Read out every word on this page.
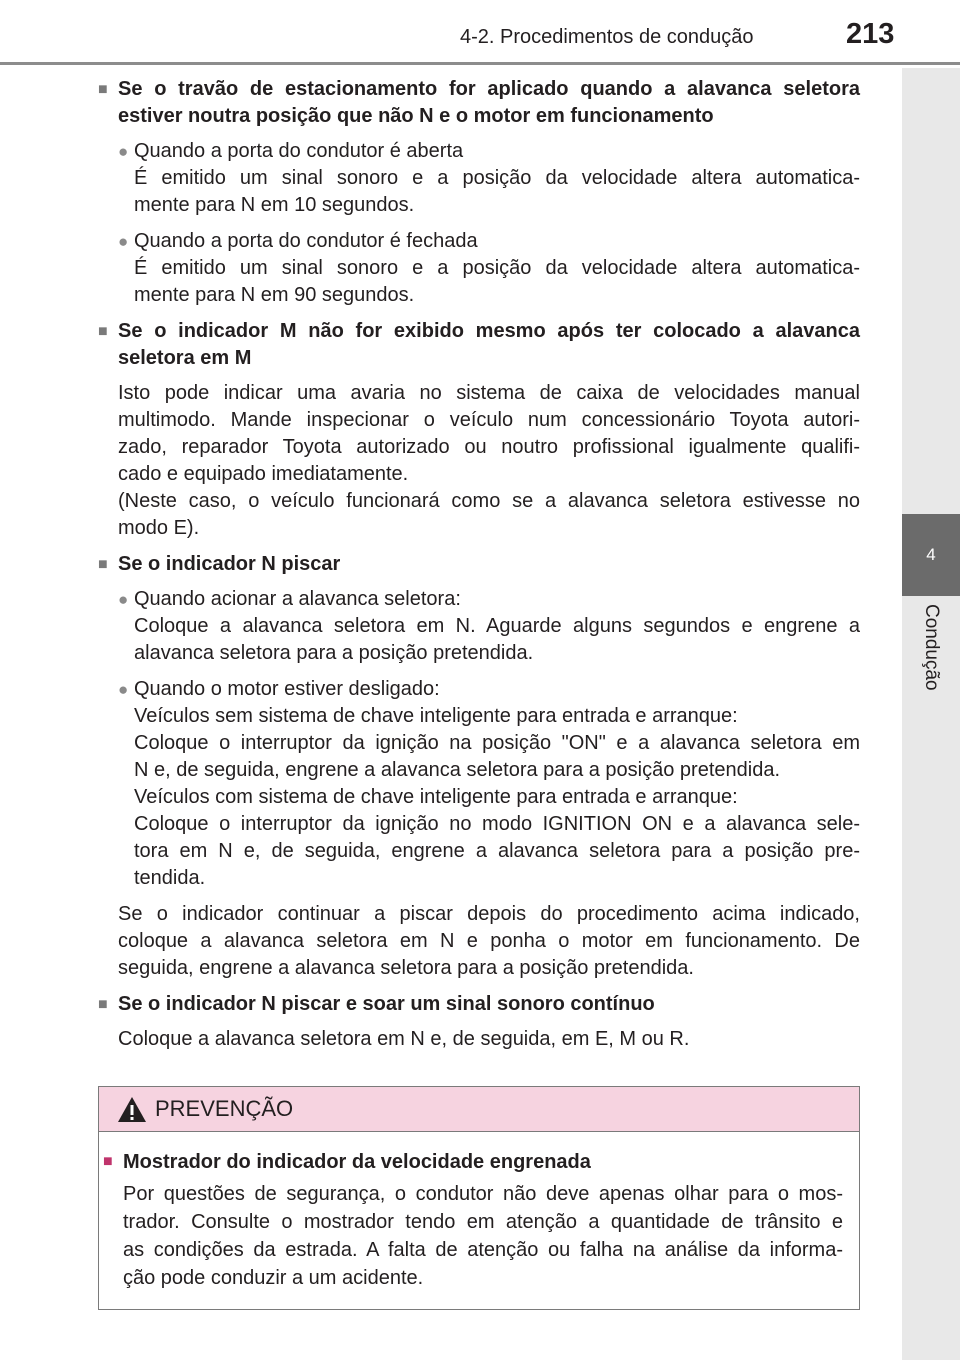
4-2. Procedimentos de condução	213
4
Condução
■ Se o travão de estacionamento for aplicado quando a alavanca seletora estiver noutra posição que não N e o motor em funcionamento
● Quando a porta do condutor é aberta
É emitido um sinal sonoro e a posição da velocidade altera automatica-
mente para N em 10 segundos.
● Quando a porta do condutor é fechada
É emitido um sinal sonoro e a posição da velocidade altera automatica-
mente para N em 90 segundos.
■ Se o indicador M não for exibido mesmo após ter colocado a alavanca seletora em M
Isto pode indicar uma avaria no sistema de caixa de velocidades manual
multimodo. Mande inspecionar o veículo num concessionário Toyota autori-
zado, reparador Toyota autorizado ou noutro profissional igualmente qualifi-
cado e equipado imediatamente.
(Neste caso, o veículo funcionará como se a alavanca seletora estivesse no
modo E).
■ Se o indicador N piscar
● Quando acionar a alavanca seletora:
Coloque a alavanca seletora em N. Aguarde alguns segundos e engrene a
alavanca seletora para a posição pretendida.
● Quando o motor estiver desligado:
Veículos sem sistema de chave inteligente para entrada e arranque:
Coloque o interruptor da ignição na posição "ON" e a alavanca seletora em
N e, de seguida, engrene a alavanca seletora para a posição pretendida.
Veículos com sistema de chave inteligente para entrada e arranque:
Coloque o interruptor da ignição no modo IGNITION ON e a alavanca sele-
tora em N e, de seguida, engrene a alavanca seletora para a posição pre-
tendida.
Se o indicador continuar a piscar depois do procedimento acima indicado,
coloque a alavanca seletora em N e ponha o motor em funcionamento. De
seguida, engrene a alavanca seletora para a posição pretendida.
■ Se o indicador N piscar e soar um sinal sonoro contínuo
Coloque a alavanca seletora em N e, de seguida, em E, M ou R.
PREVENÇÃO
■ Mostrador do indicador da velocidade engrenada
Por questões de segurança, o condutor não deve apenas olhar para o mos-
trador. Consulte o mostrador tendo em atenção a quantidade de trânsito e
as condições da estrada. A falta de atenção ou falha na análise da informa-
ção pode conduzir a um acidente.
